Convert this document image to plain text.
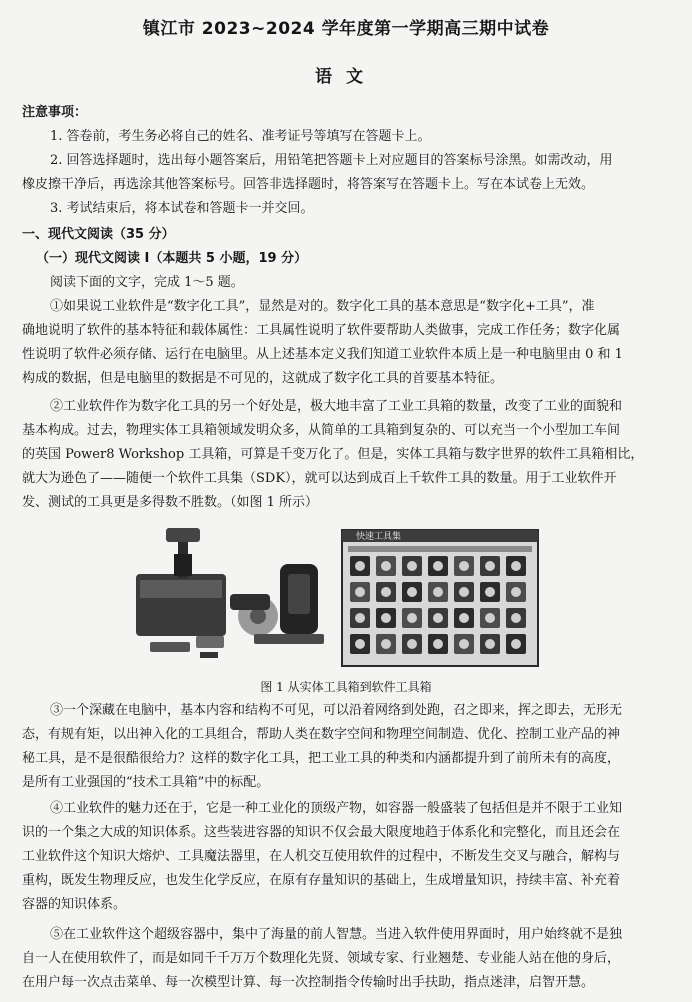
镇江市 2023~2024 学年度第一学期高三期中试卷
语文
注意事项：
1. 答卷前，考生务必将自己的姓名、准考证号等填写在答题卡上。
2. 回答选择题时，选出每小题答案后，用铅笔把答题卡上对应题目的答案标号涂黑。如需改动，用
橡皮擦干净后，再选涂其他答案标号。回答非选择题时，将答案写在答题卡上。写在本试卷上无效。
3. 考试结束后，将本试卷和答题卡一并交回。
一、现代文阅读（35 分）
（一）现代文阅读 I（本题共 5 小题，19 分）
阅读下面的文字，完成 1～5 题。
①如果说工业软件是“数字化工具”，显然是对的。数字化工具的基本意思是“数字化+工具”，准
确地说明了软件的基本特征和载体属性：工具属性说明了软件要帮助人类做事，完成工作任务；数字化属
性说明了软件必须存储、运行在电脑里。从上述基本定义我们知道工业软件本质上是一种电脑里由 0 和 1
构成的数据，但是电脑里的数据是不可见的，这就成了数字化工具的首要基本特征。
②工业软件作为数字化工具的另一个好处是，极大地丰富了工业工具箱的数量，改变了工业的面貌和
基本构成。过去，物理实体工具箱领域发明众多，从简单的工具箱到复杂的、可以充当一个小型加工车间
的英国 Power8 Workshop 工具箱，可算是千变万化了。但是，实体工具箱与数字世界的软件工具箱相比，
就大为逊色了——随便一个软件工具集（SDK），就可以达到成百上千软件工具的数量。用于工业软件开
发、测试的工具更是多得数不胜数。（如图 1 所示）
快速工具集
图 1 从实体工具箱到软件工具箱
③一个深藏在电脑中，基本内容和结构不可见，可以沿着网络到处跑，召之即来，挥之即去，无形无
态，有规有矩，以出神入化的工具组合，帮助人类在数字空间和物理空间制造、优化、控制工业产品的神
秘工具，是不是很酷很给力？这样的数字化工具，把工业工具的种类和内涵都提升到了前所未有的高度，
是所有工业强国的“技术工具箱”中的标配。
④工业软件的魅力还在于，它是一种工业化的顶级产物，如容器一般盛装了包括但是并不限于工业知
识的一个集之大成的知识体系。这些装进容器的知识不仅会最大限度地趋于体系化和完整化，而且还会在
工业软件这个知识大熔炉、工具魔法器里，在人机交互使用软件的过程中，不断发生交叉与融合，解构与
重构，既发生物理反应，也发生化学反应，在原有存量知识的基础上，生成增量知识，持续丰富、补充着
容器的知识体系。
⑤在工业软件这个超级容器中，集中了海量的前人智慧。当进入软件使用界面时，用户始终就不是独
自一人在使用软件了，而是如同千千万万个数理化先贤、领域专家、行业翘楚、专业能人站在他的身后，
在用户每一次点击菜单、每一次模型计算、每一次控制指令传输时出手扶助，指点迷津，启智开慧。
